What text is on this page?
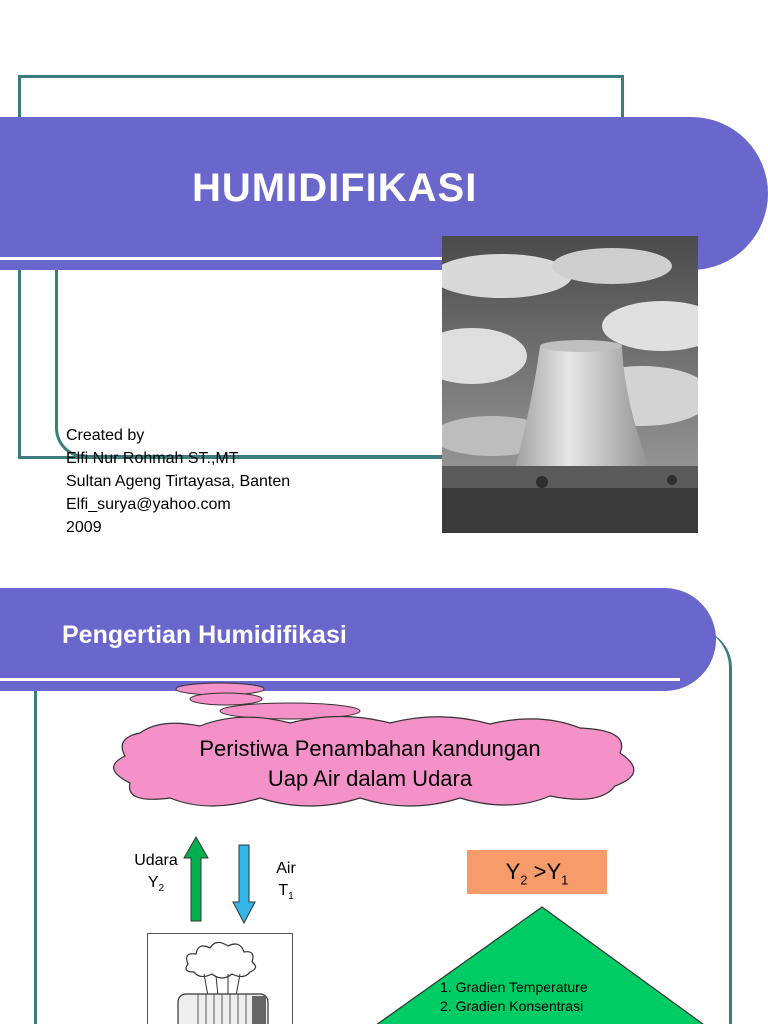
HUMIDIFIKASI
Created by
Elfi Nur Rohmah ST.,MT
Sultan Ageng Tirtayasa, Banten
Elfi_surya@yahoo.com
2009
Pengertian Humidifikasi
Peristiwa Penambahan kandungan
Uap Air dalam Udara
Udara
$Y_2$
Air
$T_1$
$Y_2 >Y_1$
1. Gradien Temperature
2. Gradien Konsentrasi
